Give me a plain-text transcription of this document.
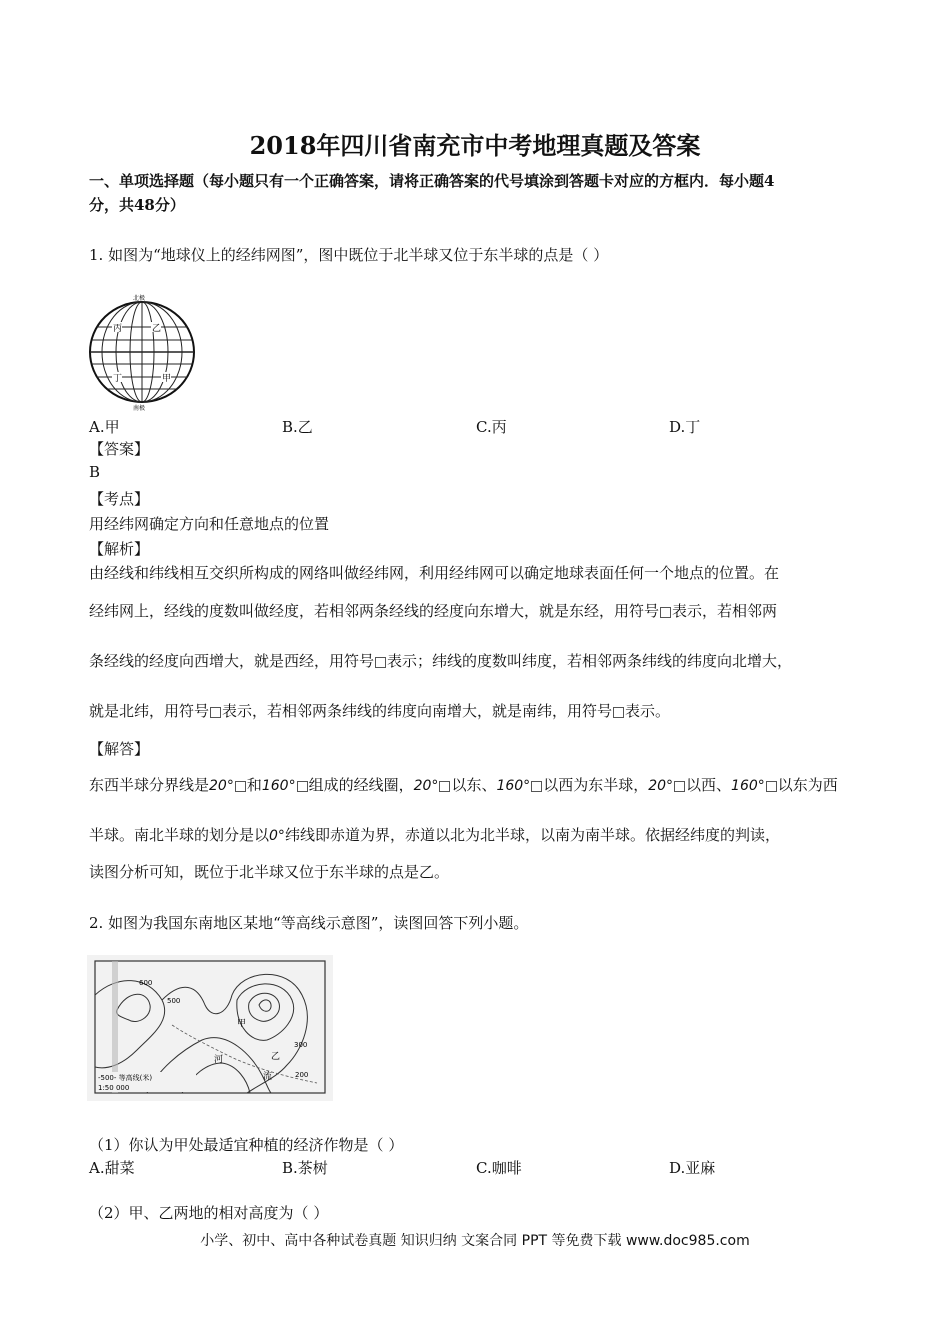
2018年四川省南充市中考地理真题及答案
一、单项选择题（每小题只有一个正确答案，请将正确答案的代号填涂到答题卡对应的方框内．每小题4
分，共48分）
1. 如图为“地球仪上的经纬网图”，图中既位于北半球又位于东半球的点是（ ）
北极
丙	乙
丁	甲
南极
A.甲	B.乙	C.丙	D.丁
【答案】
B
【考点】
用经纬网确定方向和任意地点的位置
【解析】
由经线和纬线相互交织所构成的网络叫做经纬网，利用经纬网可以确定地球表面任何一个地点的位置。在
经纬网上，经线的度数叫做经度，若相邻两条经线的经度向东增大，就是东经，用符号 表示，若相邻两
条经线的经度向西增大，就是西经，用符号 表示；纬线的度数叫纬度，若相邻两条纬线的纬度向北增大，
就是北纬，用符号 表示，若相邻两条纬线的纬度向南增大，就是南纬，用符号 表示。
【解答】
东西半球分界线是20° 和160° 组成的经线圈，20° 以东、160° 以西为东半球，20° 以西、160° 以东为西
半球。南北半球的划分是以0°纬线即赤道为界，赤道以北为北半球，以南为南半球。依据经纬度的判读，
读图分析可知，既位于北半球又位于东半球的点是乙。
2. 如图为我国东南地区某地“等高线示意图”，读图回答下列小题。
600
500
300
200
甲
乙
河
流
-500- 等高线(米)
1:50 000
（1）你认为甲处最适宜种植的经济作物是（ ）
A.甜菜	B.茶树	C.咖啡	D.亚麻
（2）甲、乙两地的相对高度为（ ）
小学、初中、高中各种试卷真题 知识归纳 文案合同 PPT 等免费下载 www.doc985.com
